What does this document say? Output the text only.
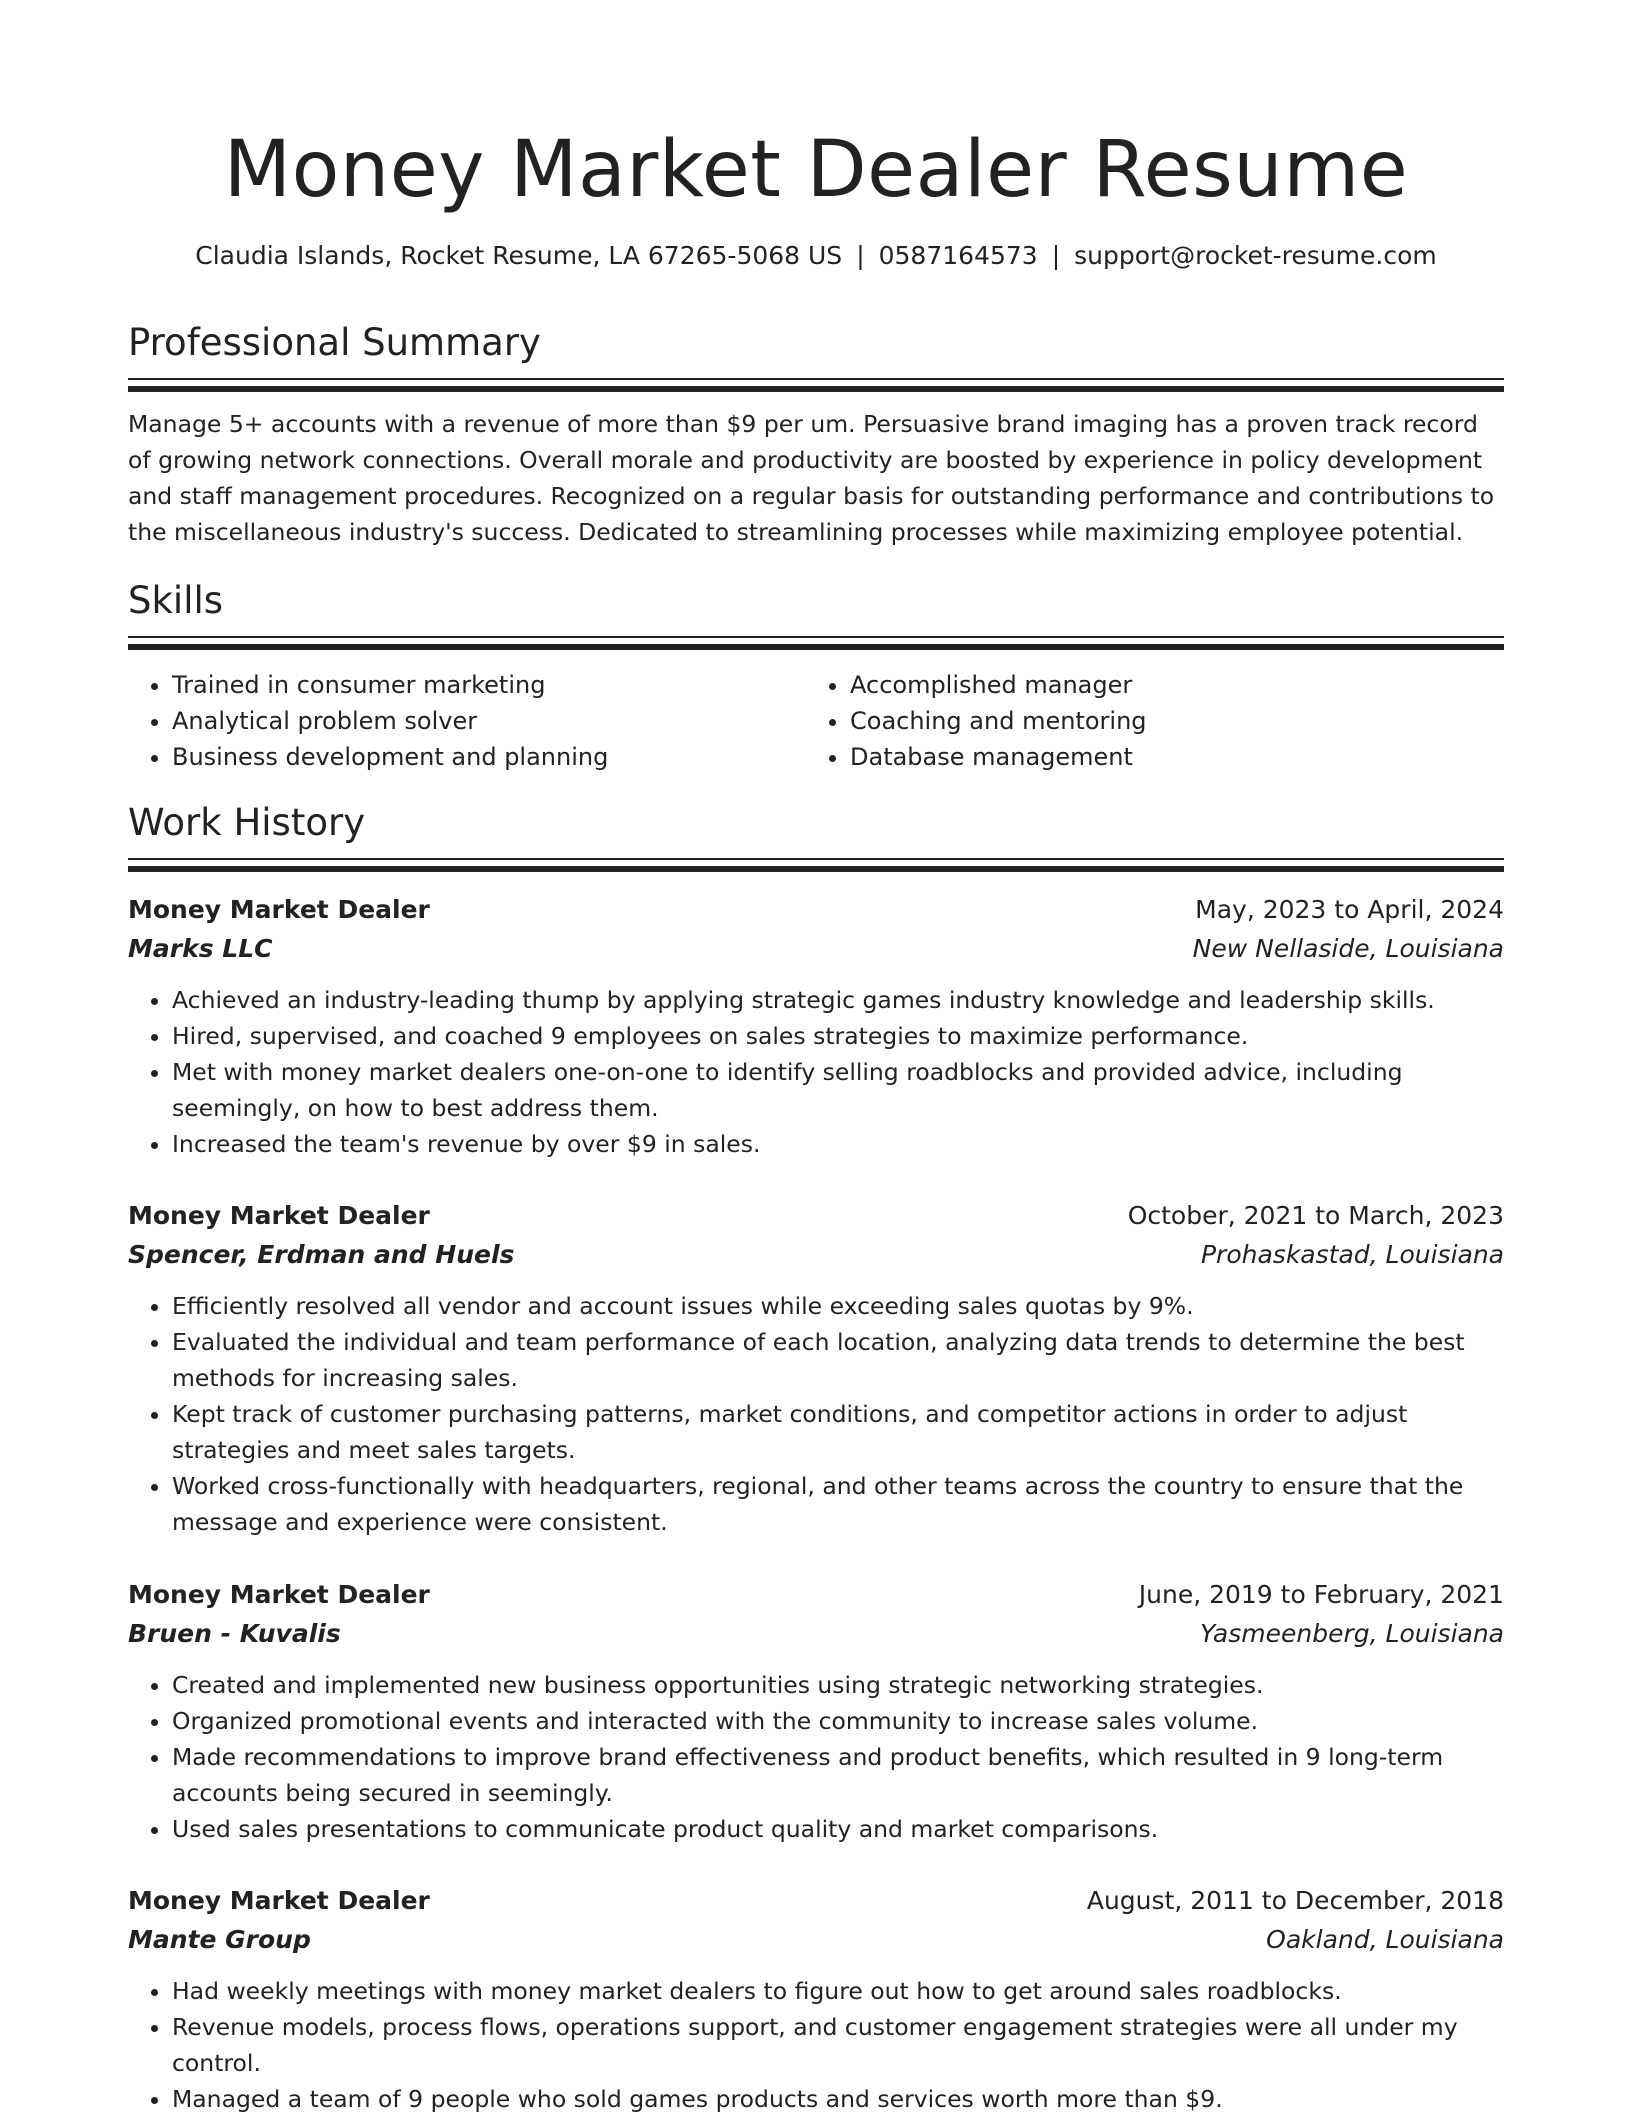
Money Market Dealer Resume
Claudia Islands, Rocket Resume, LA 67265-5068 US | 0587164573 | support@rocket-resume.com
Professional Summary

Manage 5+ accounts with a revenue of more than $9 per um. Persuasive brand imaging has a proven track record of growing network connections. Overall morale and productivity are boosted by experience in policy development and staff management procedures. Recognized on a regular basis for outstanding performance and contributions to the miscellaneous industry's success. Dedicated to streamlining processes while maximizing employee potential.

Skills
• Trained in consumer marketing
• Analytical problem solver
• Business development and planning
• Accomplished manager
• Coaching and mentoring
• Database management
Work History
Money Market Dealer	May, 2023 to April, 2024
Marks LLC	New Nellaside, Louisiana
• Achieved an industry-leading thump by applying strategic games industry knowledge and leadership skills.
• Hired, supervised, and coached 9 employees on sales strategies to maximize performance.
• Met with money market dealers one-on-one to identify selling roadblocks and provided advice, including seemingly, on how to best address them.
• Increased the team's revenue by over $9 in sales.
Money Market Dealer	October, 2021 to March, 2023
Spencer, Erdman and Huels	Prohaskastad, Louisiana
• Efficiently resolved all vendor and account issues while exceeding sales quotas by 9%.
• Evaluated the individual and team performance of each location, analyzing data trends to determine the best methods for increasing sales.
• Kept track of customer purchasing patterns, market conditions, and competitor actions in order to adjust strategies and meet sales targets.
• Worked cross-functionally with headquarters, regional, and other teams across the country to ensure that the message and experience were consistent.
Money Market Dealer	June, 2019 to February, 2021
Bruen - Kuvalis	Yasmeenberg, Louisiana
• Created and implemented new business opportunities using strategic networking strategies.
• Organized promotional events and interacted with the community to increase sales volume.
• Made recommendations to improve brand effectiveness and product benefits, which resulted in 9 long-term accounts being secured in seemingly.
• Used sales presentations to communicate product quality and market comparisons.
Money Market Dealer	August, 2011 to December, 2018
Mante Group	Oakland, Louisiana
• Had weekly meetings with money market dealers to figure out how to get around sales roadblocks.
• Revenue models, process flows, operations support, and customer engagement strategies were all under my control.
• Managed a team of 9 people who sold games products and services worth more than $9.
